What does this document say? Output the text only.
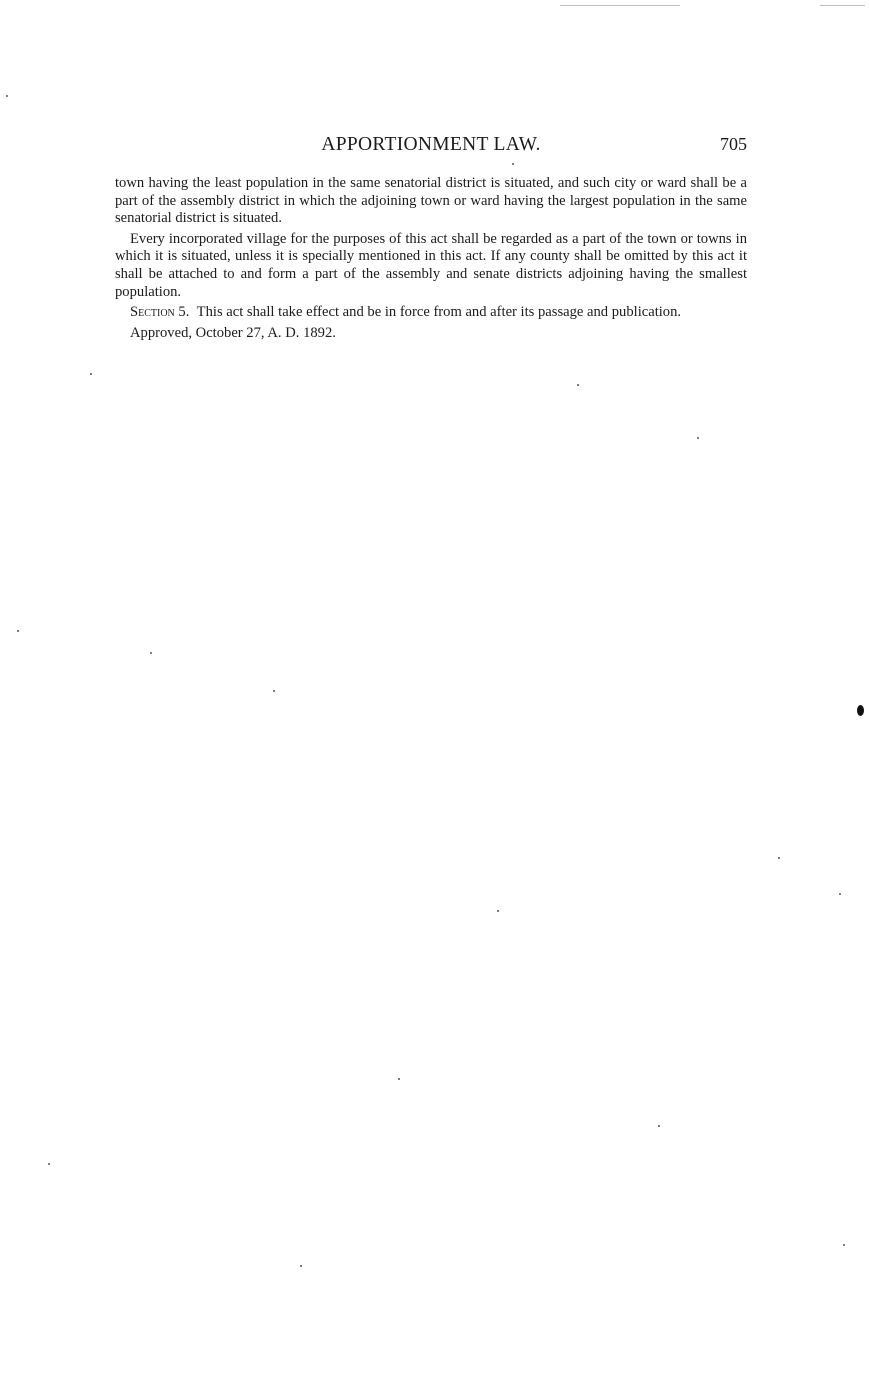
APPORTIONMENT LAW.	705

town having the least population in the same senatorial district is situated, and such city or ward shall be a part of the assembly district in which the adjoining town or ward having the largest population in the same senatorial district is situated.

Every incorporated village for the purposes of this act shall be regarded as a part of the town or towns in which it is situated, unless it is specially mentioned in this act. If any county shall be omitted by this act it shall be attached to and form a part of the assembly and senate districts adjoining having the smallest population.

Section 5. This act shall take effect and be in force from and after its passage and publication.

Approved, October 27, A. D. 1892.
